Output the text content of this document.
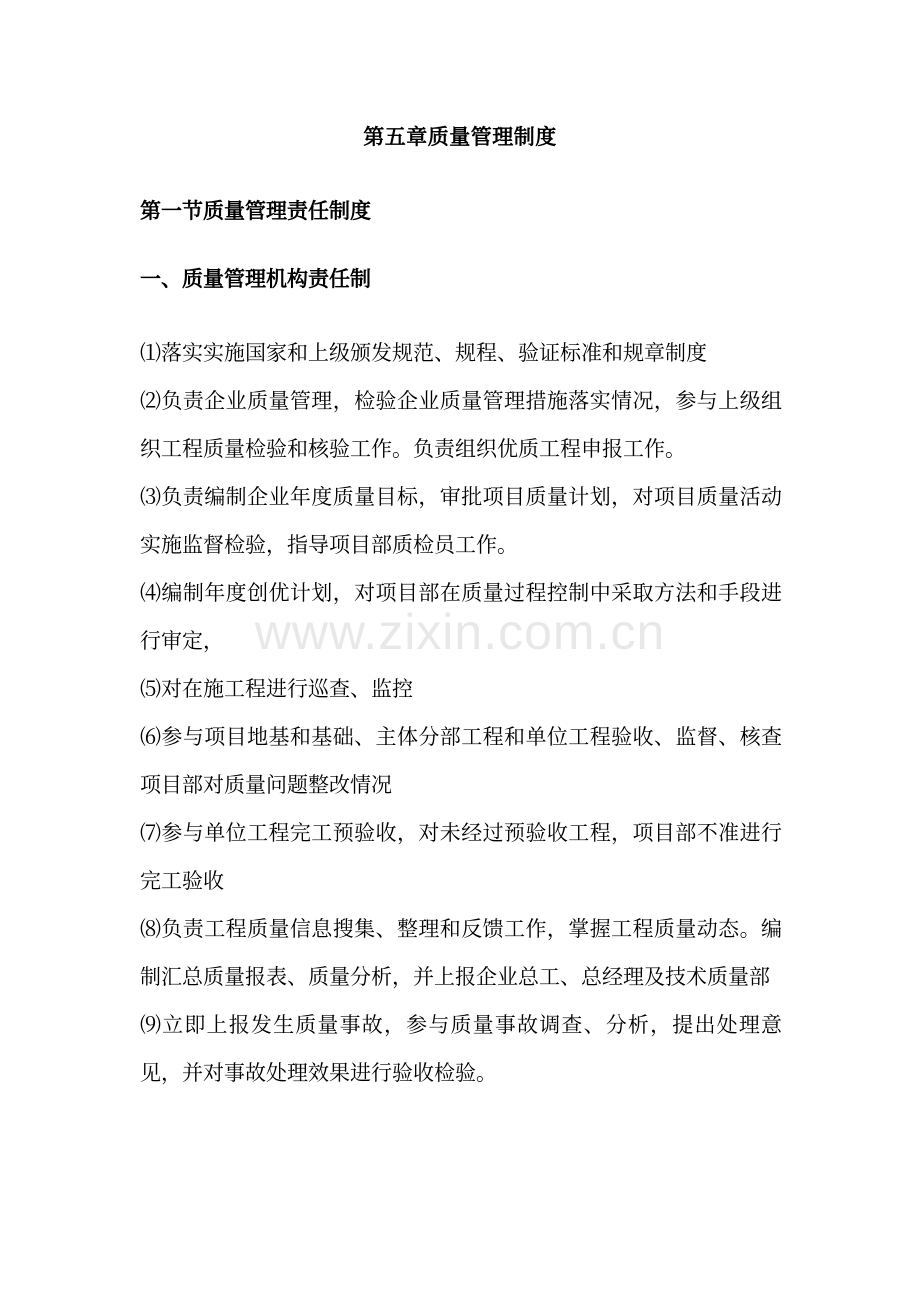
第五章质量管理制度
第一节质量管理责任制度
一、质量管理机构责任制

⑴落实实施国家和上级颁发规范、规程、验证标准和规章制度

⑵负责企业质量管理，检验企业质量管理措施落实情况，参与上级组织工程质量检验和核验工作。负责组织优质工程申报工作。

⑶负责编制企业年度质量目标，审批项目质量计划，对项目质量活动实施监督检验，指导项目部质检员工作。

⑷编制年度创优计划，对项目部在质量过程控制中采取方法和手段进行审定，

⑸对在施工程进行巡查、监控

⑹参与项目地基和基础、主体分部工程和单位工程验收、监督、核查项目部对质量问题整改情况

⑺参与单位工程完工预验收，对未经过预验收工程，项目部不准进行完工验收

⑻负责工程质量信息搜集、整理和反馈工作，掌握工程质量动态。编制汇总质量报表、质量分析，并上报企业总工、总经理及技术质量部

⑼立即上报发生质量事故，参与质量事故调查、分析，提出处理意见，并对事故处理效果进行验收检验。

www.zixin.com.cn
